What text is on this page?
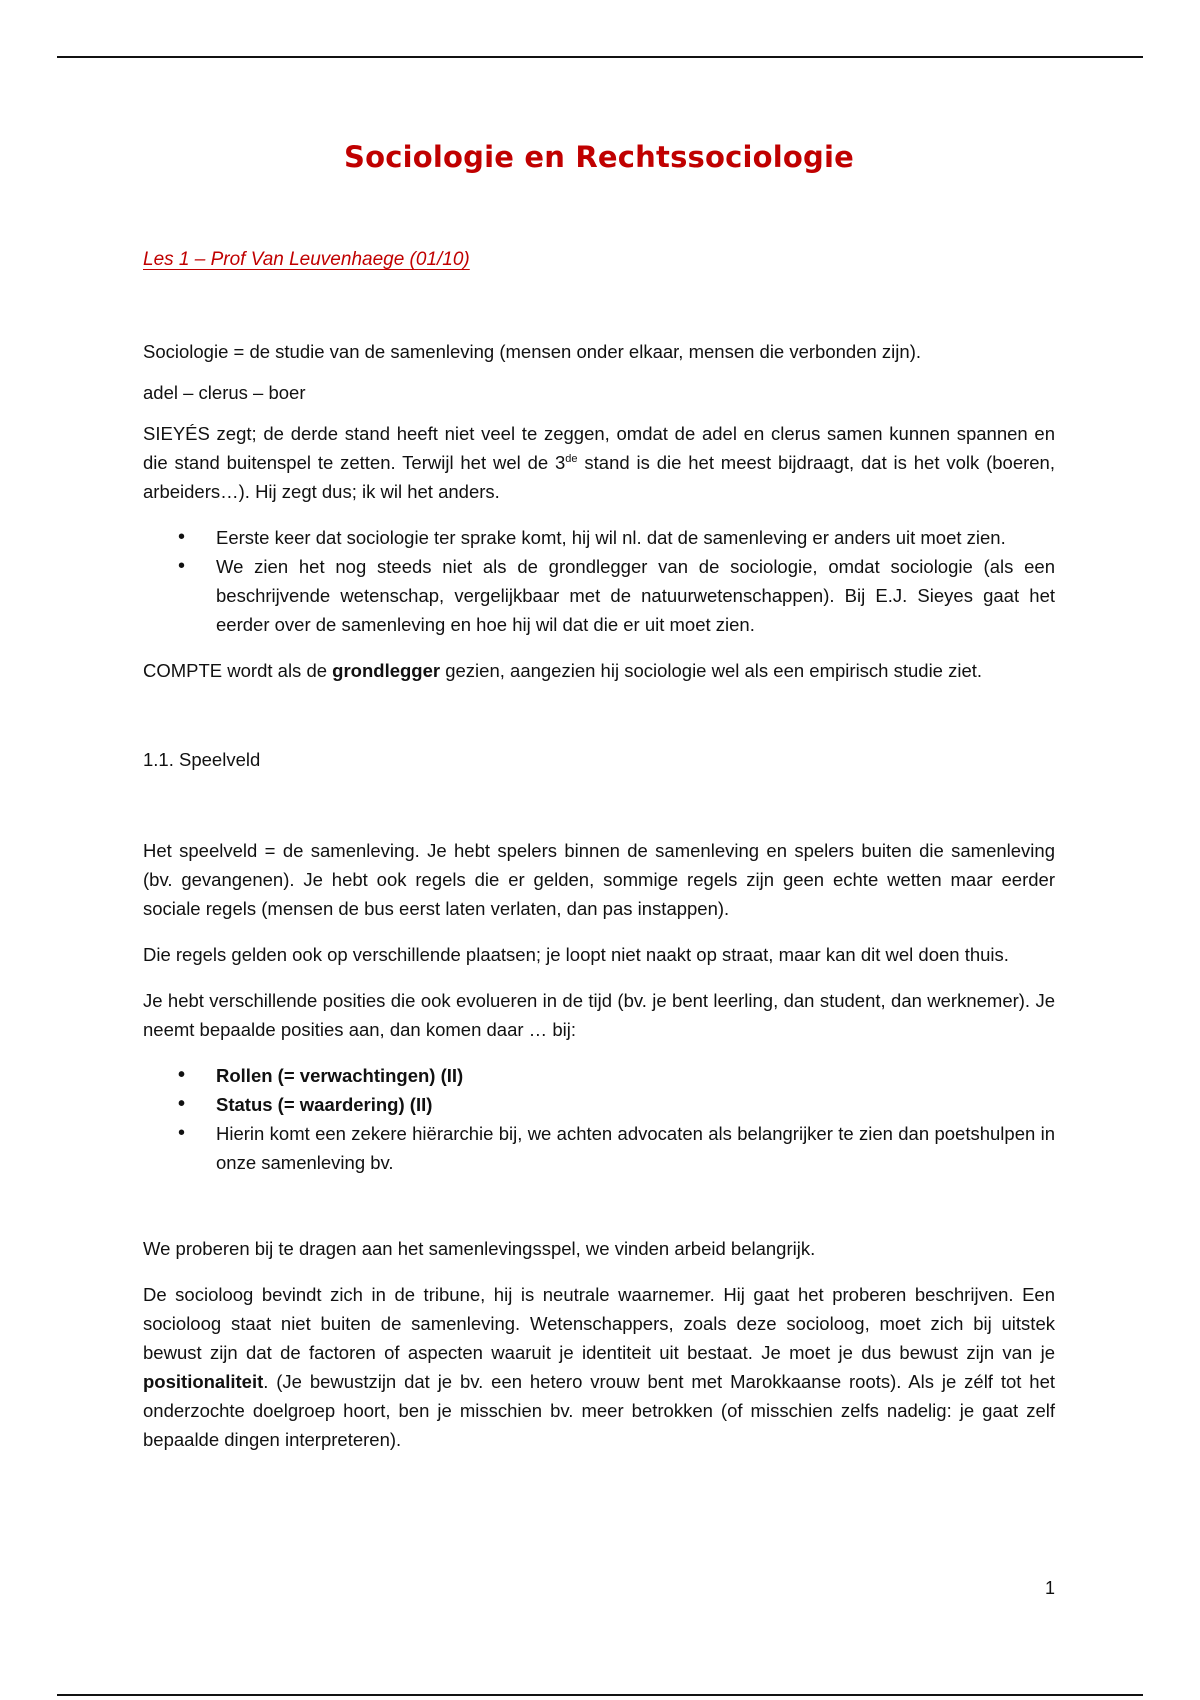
Sociologie en Rechtssociologie
Les 1 – Prof Van Leuvenhaege (01/10)

Sociologie = de studie van de samenleving (mensen onder elkaar, mensen die verbonden zijn).

adel – clerus – boer

SIEYÉS zegt; de derde stand heeft niet veel te zeggen, omdat de adel en clerus samen kunnen spannen en die stand buitenspel te zetten. Terwijl het wel de 3de stand is die het meest bijdraagt, dat is het volk (boeren, arbeiders…). Hij zegt dus; ik wil het anders.

• Eerste keer dat sociologie ter sprake komt, hij wil nl. dat de samenleving er anders uit moet zien.
• We zien het nog steeds niet als de grondlegger van de sociologie, omdat sociologie (als een beschrijvende wetenschap, vergelijkbaar met de natuurwetenschappen). Bij E.J. Sieyes gaat het eerder over de samenleving en hoe hij wil dat die er uit moet zien.

COMPTE wordt als de grondlegger gezien, aangezien hij sociologie wel als een empirisch studie ziet.

1.1. Speelveld

Het speelveld = de samenleving. Je hebt spelers binnen de samenleving en spelers buiten die samenleving (bv. gevangenen). Je hebt ook regels die er gelden, sommige regels zijn geen echte wetten maar eerder sociale regels (mensen de bus eerst laten verlaten, dan pas instappen).

Die regels gelden ook op verschillende plaatsen; je loopt niet naakt op straat, maar kan dit wel doen thuis.

Je hebt verschillende posities die ook evolueren in de tijd (bv. je bent leerling, dan student, dan werknemer). Je neemt bepaalde posities aan, dan komen daar … bij:

• Rollen (= verwachtingen) (II)
• Status (= waardering) (II)
• Hierin komt een zekere hiërarchie bij, we achten advocaten als belangrijker te zien dan poetshulpen in onze samenleving bv.

We proberen bij te dragen aan het samenlevingsspel, we vinden arbeid belangrijk.

De socioloog bevindt zich in de tribune, hij is neutrale waarnemer. Hij gaat het proberen beschrijven. Een socioloog staat niet buiten de samenleving. Wetenschappers, zoals deze socioloog, moet zich bij uitstek bewust zijn dat de factoren of aspecten waaruit je identiteit uit bestaat. Je moet je dus bewust zijn van je positionaliteit. (Je bewustzijn dat je bv. een hetero vrouw bent met Marokkaanse roots). Als je zélf tot het onderzochte doelgroep hoort, ben je misschien bv. meer betrokken (of misschien zelfs nadelig: je gaat zelf bepaalde dingen interpreteren).

1
